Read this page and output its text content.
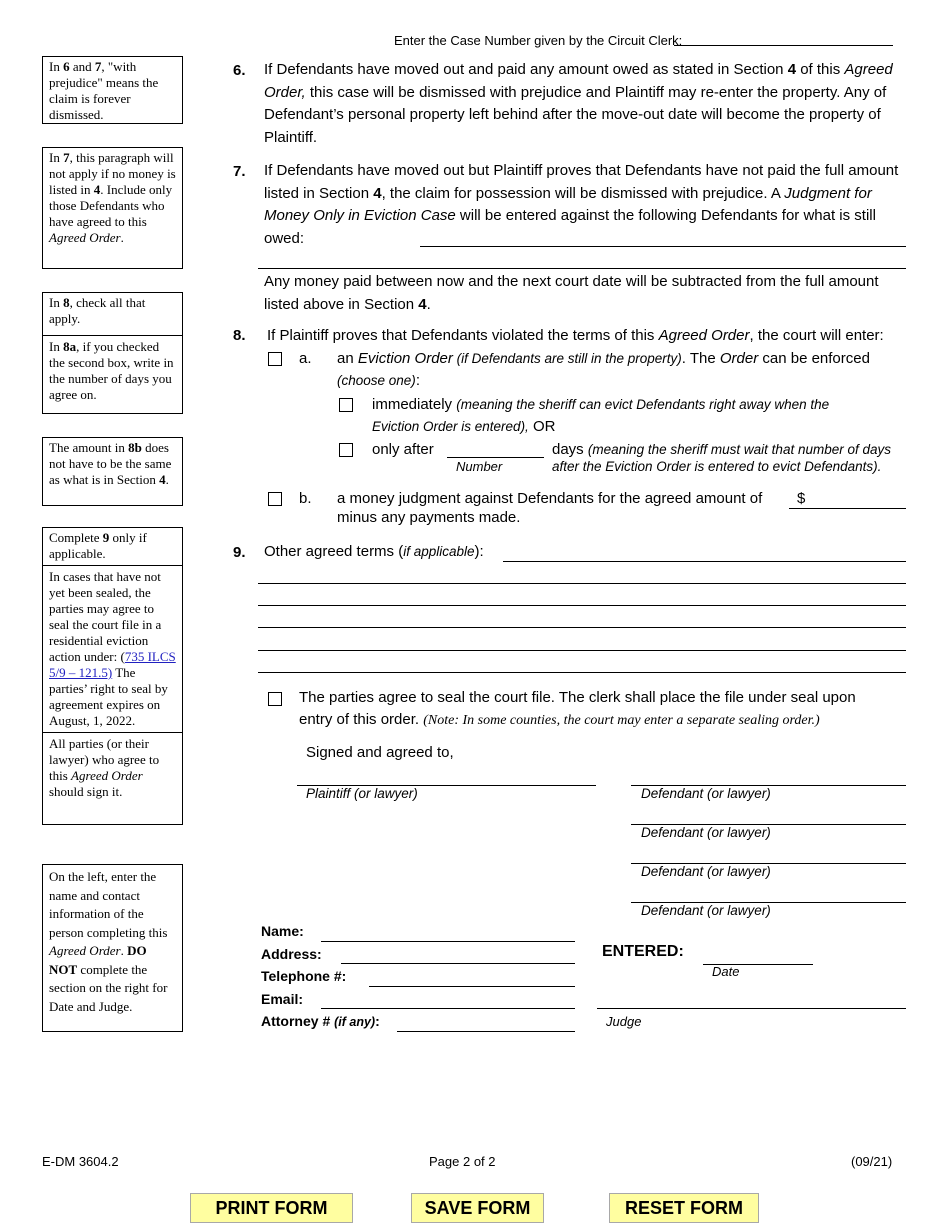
Enter the Case Number given by the Circuit Clerk:
In 6 and 7, "with prejudice" means the claim is forever dismissed.
In 7, this paragraph will not apply if no money is listed in 4. Include only those Defendants who have agreed to this Agreed Order.
In 8, check all that apply.
In 8a, if you checked the second box, write in the number of days you agree on.
The amount in 8b does not have to be the same as what is in Section 4.
Complete 9 only if applicable.
In cases that have not yet been sealed, the parties may agree to seal the court file in a residential eviction action under: (735 ILCS 5/9 – 121.5) The parties’ right to seal by agreement expires on August, 1, 2022.
All parties (or their lawyer) who agree to this Agreed Order should sign it.
On the left, enter the name and contact information of the person completing this Agreed Order. DO NOT complete the section on the right for Date and Judge.
6. If Defendants have moved out and paid any amount owed as stated in Section 4 of this Agreed Order, this case will be dismissed with prejudice and Plaintiff may re-enter the property. Any of Defendant’s personal property left behind after the move-out date will become the property of Plaintiff.
7. If Defendants have moved out but Plaintiff proves that Defendants have not paid the full amount listed in Section 4, the claim for possession will be dismissed with prejudice. A Judgment for Money Only in Eviction Case will be entered against the following Defendants for what is still owed:
Any money paid between now and the next court date will be subtracted from the full amount listed above in Section 4.
8. If Plaintiff proves that Defendants violated the terms of this Agreed Order, the court will enter:
a. an Eviction Order (if Defendants are still in the property). The Order can be enforced
(choose one):
immediately (meaning the sheriff can evict Defendants right away when the
Eviction Order is entered), OR
only after
Number
days (meaning the sheriff must wait that number of days
after the Eviction Order is entered to evict Defendants).
b. a money judgment against Defendants for the agreed amount of $
minus any payments made.
9. Other agreed terms (if applicable):
The parties agree to seal the court file. The clerk shall place the file under seal upon
entry of this order. (Note: In some counties, the court may enter a separate sealing order.)
Signed and agreed to,
Plaintiff (or lawyer)	Defendant (or lawyer)
Defendant (or lawyer)
Defendant (or lawyer)
Defendant (or lawyer)
Name:
Address:
Telephone #:
Email:
Attorney # (if any):
ENTERED:
Date
Judge
E-DM 3604.2	Page 2 of 2	(09/21)
PRINT FORM	SAVE FORM	RESET FORM
